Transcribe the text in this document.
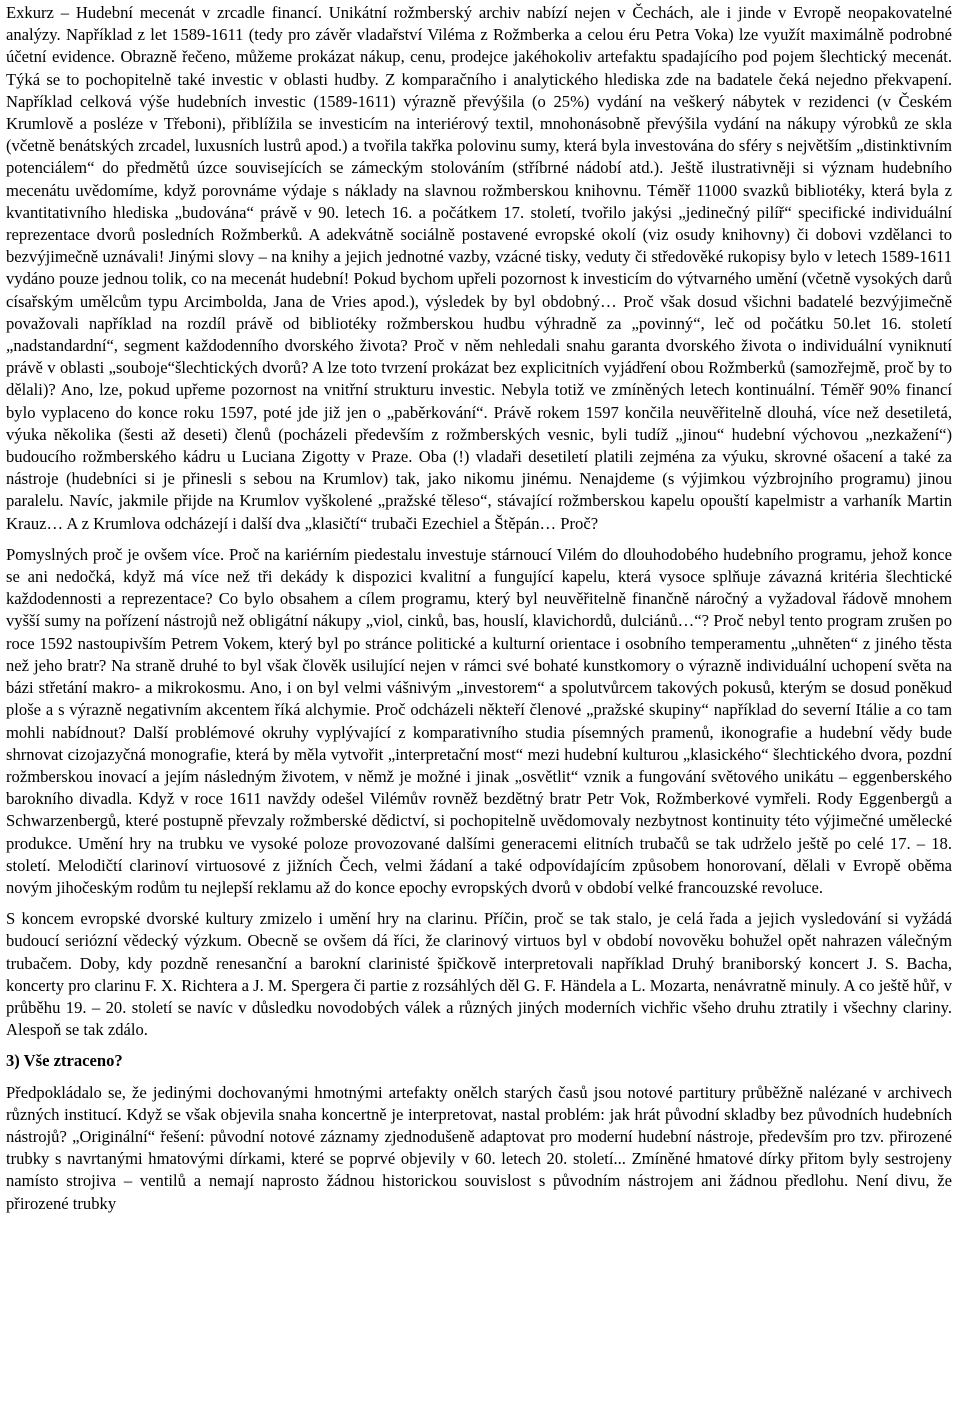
Exkurz – Hudební mecenát v zrcadle financí. Unikátní rožmberský archiv nabízí nejen v Čechách, ale i jinde v Evropě neopakovatelné analýzy. Například z let 1589-1611 (tedy pro závěr vladařství Viléma z Rožmberka a celou éru Petra Voka) lze využít maximálně podrobné účetní evidence. Obrazně řečeno, můžeme prokázat nákup, cenu, prodejce jakéhokoliv artefaktu spadajícího pod pojem šlechtický mecenát. Týká se to pochopitelně také investic v oblasti hudby. Z komparačního i analytického hlediska zde na badatele čeká nejedno překvapení. Například celková výše hudebních investic (1589-1611) výrazně převýšila (o 25%) vydání na veškerý nábytek v rezidenci (v Českém Krumlově a posléze v Třeboni), přiblížila se investicím na interiérový textil, mnohonásobně převýšila vydání na nákupy výrobků ze skla (včetně benátských zrcadel, luxusních lustrů apod.) a tvořila takřka polovinu sumy, která byla investována do sféry s největším „distinktivním potenciálem“ do předmětů úzce souvisejících se zámeckým stolováním (stříbrné nádobí atd.). Ještě ilustrativněji si význam hudebního mecenátu uvědomíme, když porovnáme výdaje s náklady na slavnou rožmberskou knihovnu. Téměř 11000 svazků bibliotéky, která byla z kvantitativního hlediska „budována“ právě v 90. letech 16. a počátkem 17. století, tvořilo jakýsi „jedinečný pilíř“ specifické individuální reprezentace dvorů posledních Rožmberků. A adekvátně sociálně postavené evropské okolí (viz osudy knihovny) či dobovi vzdělanci to bezvýjimečně uznávali! Jinými slovy – na knihy a jejich jednotné vazby, vzácné tisky, veduty či středověké rukopisy bylo v letech 1589-1611 vydáno pouze jednou tolik, co na mecenát hudební! Pokud bychom upřeli pozornost k investicím do výtvarného umění (včetně vysokých darů císařským umělcům typu Arcimbolda, Jana de Vries apod.), výsledek by byl obdobný… Proč však dosud všichni badatelé bezvýjimečně považovali například na rozdíl právě od bibliotéky rožmberskou hudbu výhradně za „povinný“, leč od počátku 50.let 16. století „nadstandardní“, segment každodenního dvorského života? Proč v něm nehledali snahu garanta dvorského života o individuální vyniknutí právě v oblasti „souboje“šlechtických dvorů? A lze toto tvrzení prokázat bez explicitních vyjádření obou Rožmberků (samozřejmě, proč by to dělali)? Ano, lze, pokud upřeme pozornost na vnitřní strukturu investic. Nebyla totiž ve zmíněných letech kontinuální. Téměř 90% financí bylo vyplaceno do konce roku 1597, poté jde již jen o „paběrkování“. Právě rokem 1597 končila neuvěřitelně dlouhá, více než desetiletá, výuka několika (šesti až deseti) členů (pocházeli především z rožmberských vesnic, byli tudíž „jinou“ hudební výchovou „nezkažení“) budoucího rožmberského kádru u Luciana Zigotty v Praze. Oba (!) vladaři desetiletí platili zejména za výuku, skrovné ošacení a také za nástroje (hudebníci si je přinesli s sebou na Krumlov) tak, jako nikomu jinému. Nenajdeme (s výjimkou výzbrojního programu) jinou paralelu. Navíc, jakmile přijde na Krumlov vyškolené „pražské těleso“, stávající rožmberskou kapelu opouští kapelmistr a varhaník Martin Krauz… A z Krumlova odcházejí i další dva „klasičtí“ trubači Ezechiel a Štěpán… Proč?

Pomyslných proč je ovšem více. Proč na kariérním piedestalu investuje stárnoucí Vilém do dlouhodobého hudebního programu, jehož konce se ani nedočká, když má více než tři dekády k dispozici kvalitní a fungující kapelu, která vysoce splňuje závazná kritéria šlechtické každodennosti a reprezentace? Co bylo obsahem a cílem programu, který byl neuvěřitelně finančně náročný a vyžadoval řádově mnohem vyšší sumy na pořízení nástrojů než obligátní nákupy „viol, cinků, bas, houslí, klavichordů, dulciánů…“? Proč nebyl tento program zrušen po roce 1592 nastoupivším Petrem Vokem, který byl po stránce politické a kulturní orientace i osobního temperamentu „uhněten“ z jiného těsta než jeho bratr? Na straně druhé to byl však člověk usilující nejen v rámci své bohaté kunstkomory o výrazně individuální uchopení světa na bázi střetání makro- a mikrokosmu. Ano, i on byl velmi vášnivým „investorem“ a spolutvůrcem takových pokusů, kterým se dosud poněkud ploše a s výrazně negativním akcentem říká alchymie. Proč odcházeli někteří členové „pražské skupiny“ například do severní Itálie a co tam mohli nabídnout? Další problémové okruhy vyplývající z komparativního studia písemných pramenů, ikonografie a hudební vědy bude shrnovat cizojazyčná monografie, která by měla vytvořit „interpretační most“ mezi hudební kulturou „klasického“ šlechtického dvora, pozdní rožmberskou inovací a jejím následným životem, v němž je možné i jinak „osvětlit“ vznik a fungování světového unikátu – eggenberského barokního divadla. Když v roce 1611 navždy odešel Vilémův rovněž bezdětný bratr Petr Vok, Rožmberkové vymřeli. Rody Eggenbergů a Schwarzenbergů, které postupně převzaly rožmberské dědictví, si pochopitelně uvědomovaly nezbytnost kontinuity této výjimečné umělecké produkce. Umění hry na trubku ve vysoké poloze provozované dalšími generacemi elitních trubačů se tak udrželo ještě po celé 17. – 18. století. Melodičtí clarinoví virtuosové z jižních Čech, velmi žádaní a také odpovídajícím způsobem honorovaní, dělali v Evropě oběma novým jihočeským rodům tu nejlepší reklamu až do konce epochy evropských dvorů v období velké francouzské revoluce.

S koncem evropské dvorské kultury zmizelo i umění hry na clarinu. Příčin, proč se tak stalo, je celá řada a jejich vysledování si vyžádá budoucí seriózní vědecký výzkum. Obecně se ovšem dá říci, že clarinový virtuos byl v období novověku bohužel opět nahrazen válečným trubačem. Doby, kdy pozdně renesanční a barokní clarinisté špičkově interpretovali například Druhý braniborský koncert J. S. Bacha, koncerty pro clarinu F. X. Richtera a J. M. Spergera či partie z rozsáhlých děl G. F. Händela a L. Mozarta, nenávratně minuly. A co ještě hůř, v průběhu 19. – 20. století se navíc v důsledku novodobých válek a různých jiných moderních vichřic všeho druhu ztratily i všechny clariny. Alespoň se tak zdálo.

3) Vše ztraceno?

Předpokládalo se, že jedinými dochovanými hmotnými artefakty onělch starých časů jsou notové partitury průběžně nalézané v archivech různých institucí. Když se však objevila snaha koncertně je interpretovat, nastal problém: jak hrát původní skladby bez původních hudebních nástrojů? „Originální“ řešení: původní notové záznamy zjednodušeně adaptovat pro moderní hudební nástroje, především pro tzv. přirozené trubky s navrtanými hmatovými dírkami, které se poprvé objevily v 60. letech 20. století... Zmíněné hmatové dírky přitom byly sestrojeny namísto strojiva – ventilů a nemají naprosto žádnou historickou souvislost s původním nástrojem ani žádnou předlohu. Není divu, že přirozené trubky
